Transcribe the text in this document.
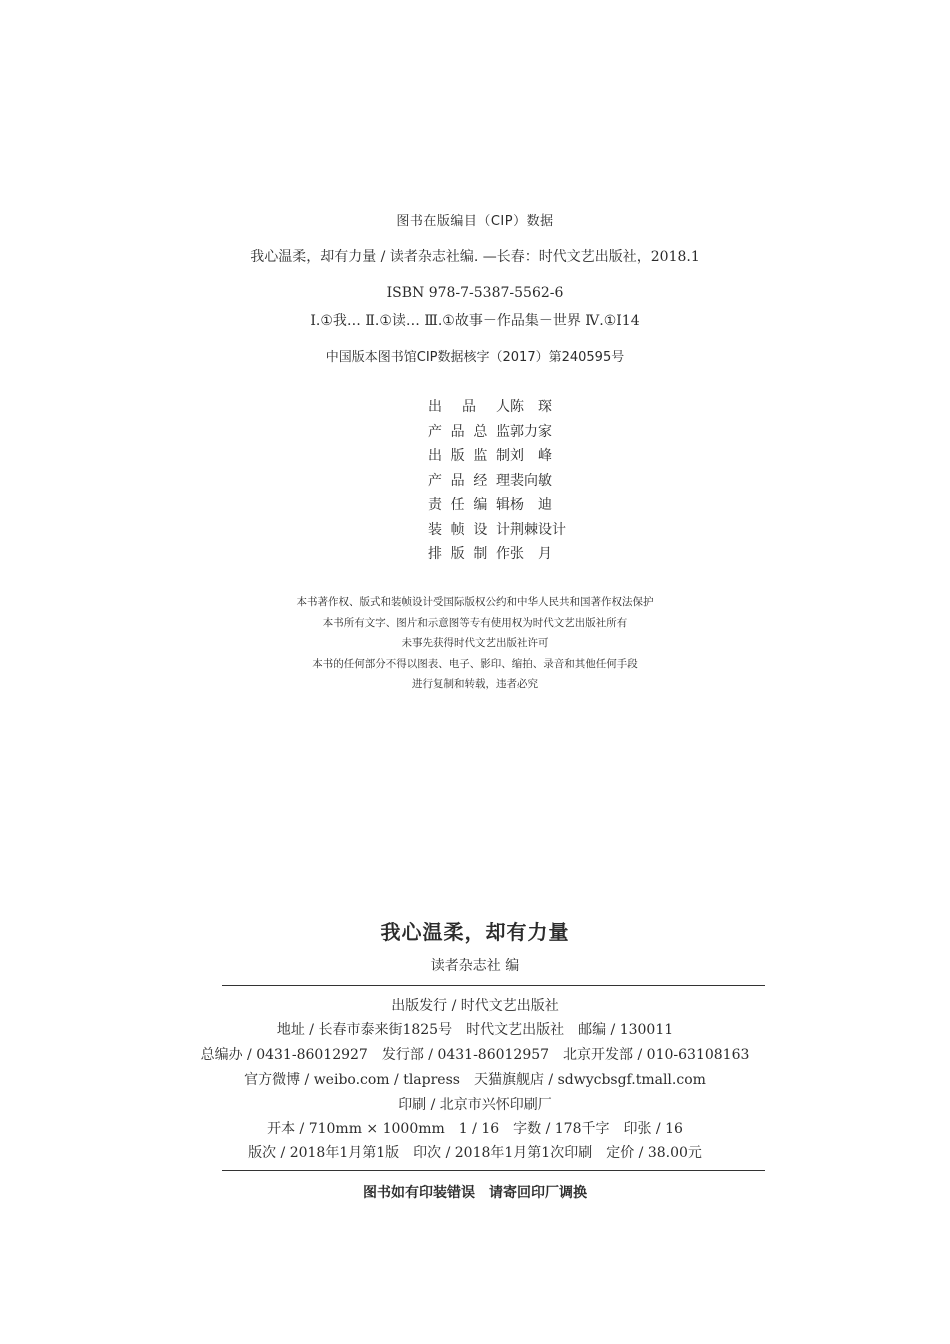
图书在版编目（CIP）数据
我心温柔，却有力量 / 读者杂志社编. —长春：时代文艺出版社，2018.1
ISBN 978-7-5387-5562-6
Ⅰ.①我… Ⅱ.①读… Ⅲ.①故事－作品集－世界 Ⅳ.①I14
中国版本图书馆CIP数据核字（2017）第240595号
出品人 陈　琛
产品总监 郭力家
出版监制 刘　峰
产品经理 裴向敏
责任编辑 杨　迪
装帧设计 荆棘设计
排版制作 张　月
本书著作权、版式和装帧设计受国际版权公约和中华人民共和国著作权法保护
本书所有文字、图片和示意图等专有使用权为时代文艺出版社所有
未事先获得时代文艺出版社许可
本书的任何部分不得以图表、电子、影印、缩拍、录音和其他任何手段
进行复制和转载，违者必究
我心温柔，却有力量
读者杂志社 编
出版发行 / 时代文艺出版社
地址 / 长春市泰来街1825号　时代文艺出版社　邮编 / 130011
总编办 / 0431-86012927　发行部 / 0431-86012957　北京开发部 / 010-63108163
官方微博 / weibo.com / tlapress　天猫旗舰店 / sdwycbsgf.tmall.com
印刷 / 北京市兴怀印刷厂
开本 / 710mm × 1000mm　1 / 16　字数 / 178千字　印张 / 16
版次 / 2018年1月第1版　印次 / 2018年1月第1次印刷　定价 / 38.00元
图书如有印装错误　请寄回印厂调换
